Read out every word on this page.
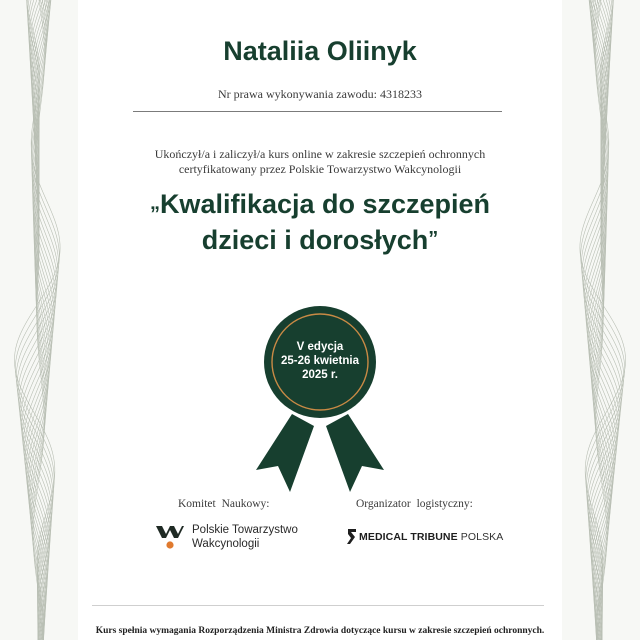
Nataliia Oliinyk
Nr prawa wykonywania zawodu: 4318233
Ukończył/a i zaliczył/a kurs online w zakresie szczepień ochronnych
certyfikatowany przez Polskie Towarzystwo Wakcynologii
„Kwalifikacja do szczepień
dzieci i dorosłych”
V edycja
25-26 kwietnia
2025 r.
Komitet Naukowy:	Organizator logistyczny:
Polskie Towarzystwo
Wakcynologii
MEDICAL TRIBUNE POLSKA
Kurs spełnia wymagania Rozporządzenia Ministra Zdrowia dotyczące kursu w zakresie szczepień ochronnych.
